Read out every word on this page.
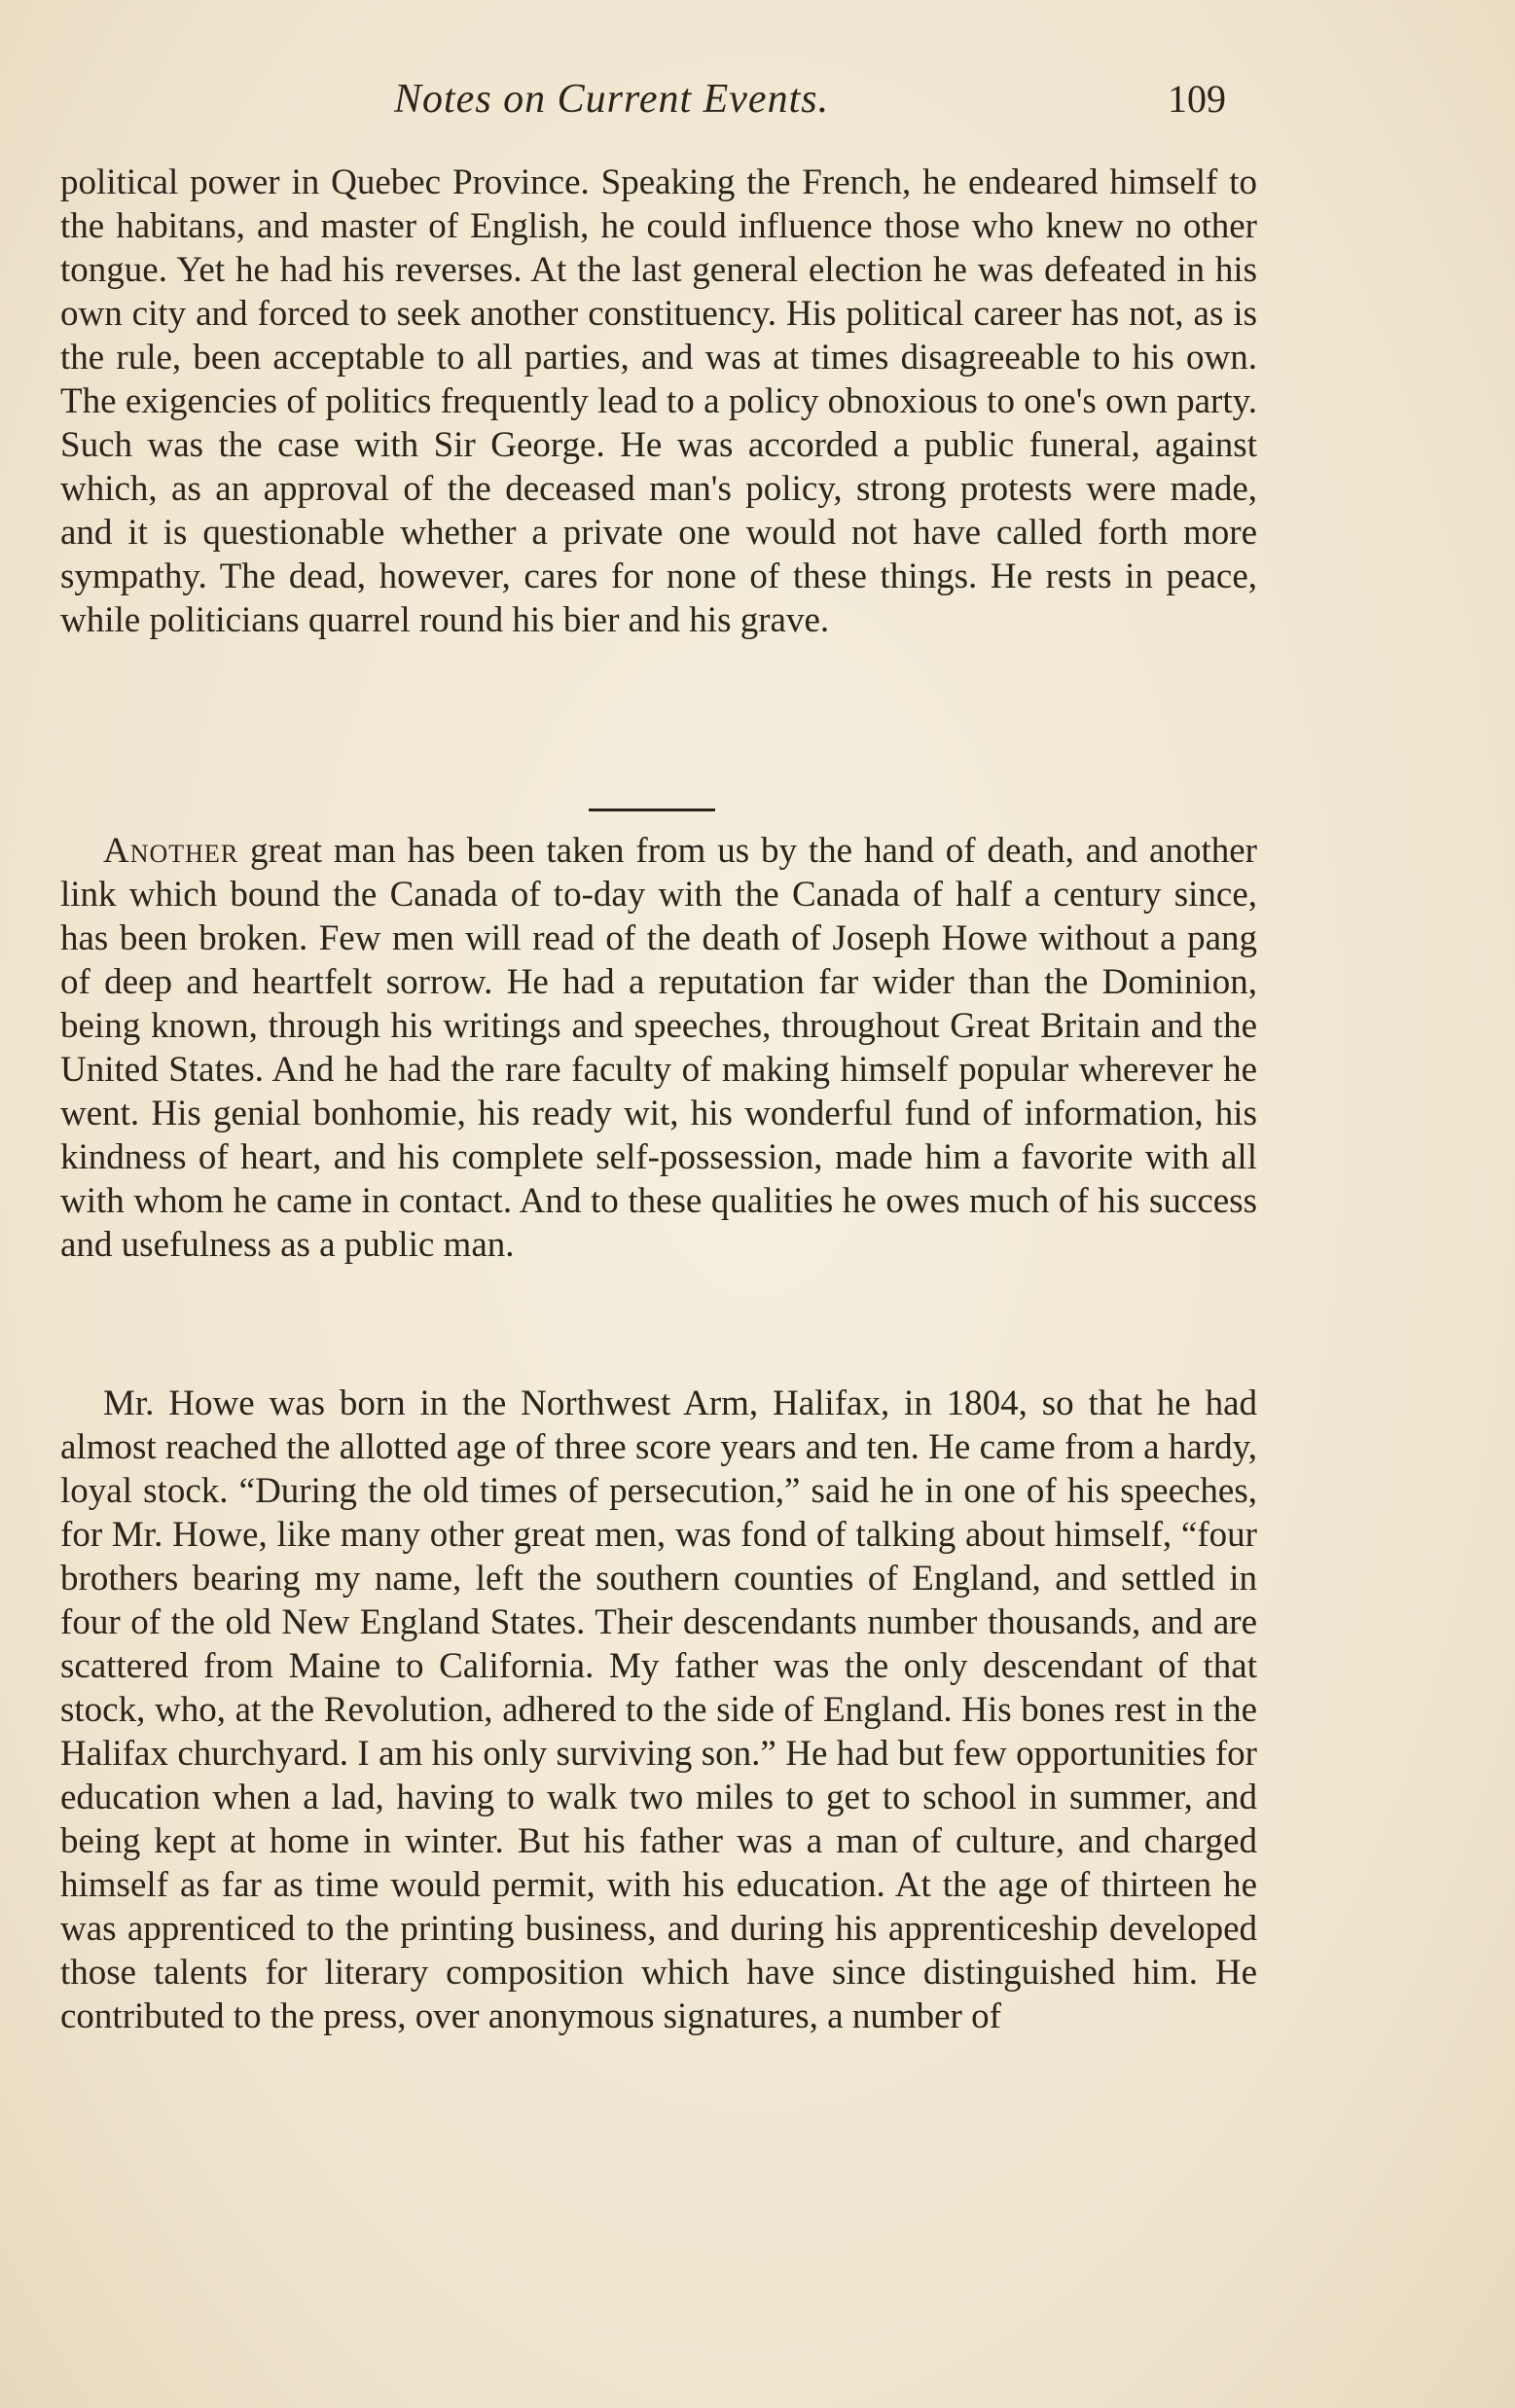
Notes on Current Events.	109

political power in Quebec Province. Speaking the French, he endeared himself to the habitans, and master of English, he could influence those who knew no other tongue. Yet he had his reverses. At the last general election he was defeated in his own city and forced to seek another constituency. His political career has not, as is the rule, been acceptable to all parties, and was at times disagreeable to his own. The exigencies of politics frequently lead to a policy obnoxious to one's own party. Such was the case with Sir George. He was accorded a public funeral, against which, as an approval of the deceased man's policy, strong protests were made, and it is questionable whether a private one would not have called forth more sympathy. The dead, however, cares for none of these things. He rests in peace, while politicians quarrel round his bier and his grave.

Another great man has been taken from us by the hand of death, and another link which bound the Canada of to-day with the Canada of half a century since, has been broken. Few men will read of the death of Joseph Howe without a pang of deep and heartfelt sorrow. He had a reputation far wider than the Dominion, being known, through his writings and speeches, throughout Great Britain and the United States. And he had the rare faculty of making himself popular wherever he went. His genial bonhomie, his ready wit, his wonderful fund of information, his kindness of heart, and his complete self-possession, made him a favorite with all with whom he came in contact. And to these qualities he owes much of his success and usefulness as a public man.

Mr. Howe was born in the Northwest Arm, Halifax, in 1804, so that he had almost reached the allotted age of three score years and ten. He came from a hardy, loyal stock. “During the old times of persecution,” said he in one of his speeches, for Mr. Howe, like many other great men, was fond of talking about himself, “four brothers bearing my name, left the southern counties of England, and settled in four of the old New England States. Their descendants number thousands, and are scattered from Maine to California. My father was the only descendant of that stock, who, at the Revolution, adhered to the side of England. His bones rest in the Halifax churchyard. I am his only surviving son.” He had but few opportunities for education when a lad, having to walk two miles to get to school in summer, and being kept at home in winter. But his father was a man of culture, and charged himself as far as time would permit, with his education. At the age of thirteen he was apprenticed to the printing business, and during his apprenticeship developed those talents for literary composition which have since distinguished him. He contributed to the press, over anonymous signatures, a number of
